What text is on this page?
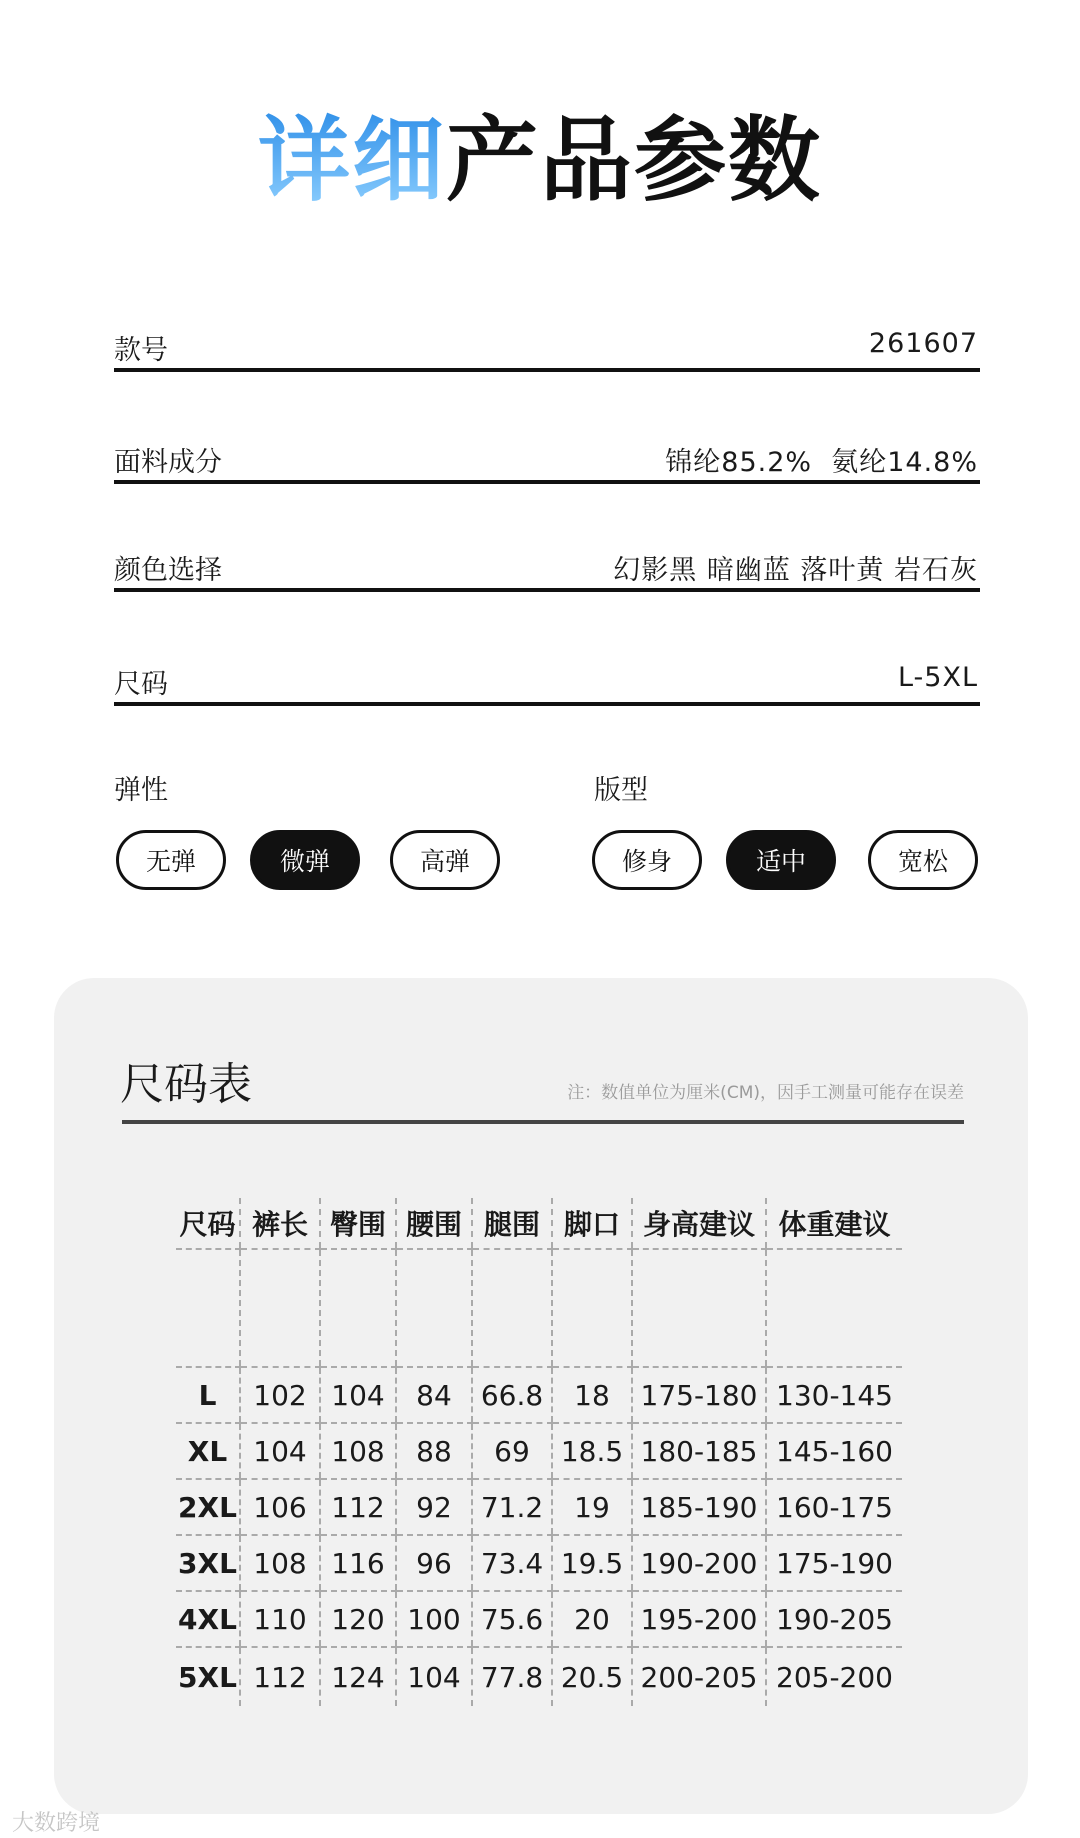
详细产品参数
款号	261607
面料成分	锦纶85.2%  氨纶14.8%
颜色选择	幻影黑 暗幽蓝 落叶黄 岩石灰
尺码	L-5XL
弹性
无弹	微弹	高弹
版型
修身	适中	宽松
尺码表	注：数值单位为厘米(CM)，因手工测量可能存在误差
尺码	裤长	臀围	腰围	腿围	脚口	身高建议	体重建议

L	102	104	84	66.8	18	175-180	130-145
XL	104	108	88	69	18.5	180-185	145-160
2XL	106	112	92	71.2	19	185-190	160-175
3XL	108	116	96	73.4	19.5	190-200	175-190
4XL	110	120	100	75.6	20	195-200	190-205
5XL	112	124	104	77.8	20.5	200-205	205-200
大数跨境
